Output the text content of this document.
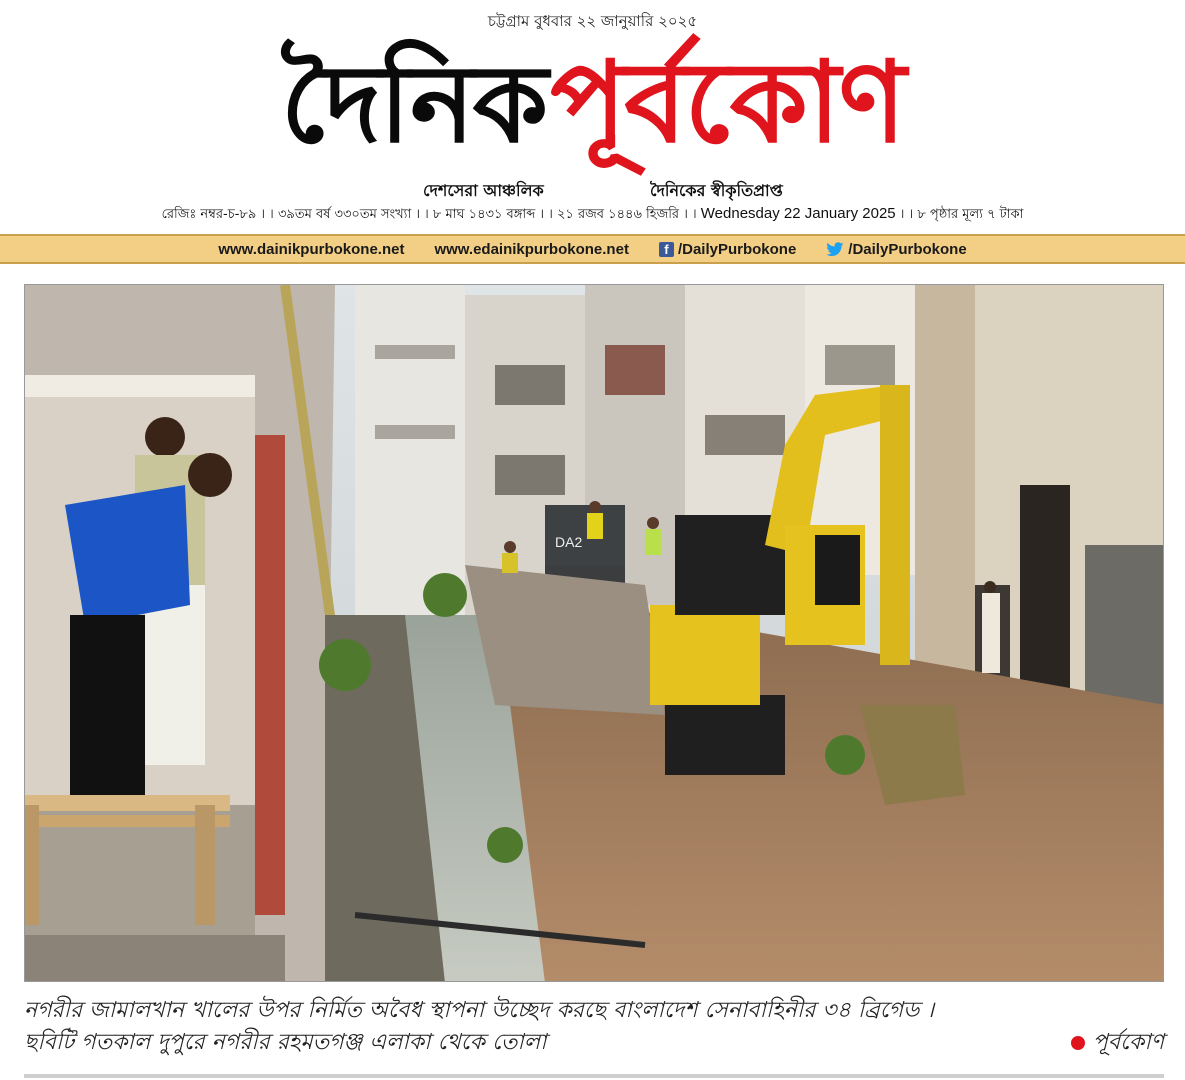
চট্টগ্রাম বুধবার ২২ জানুয়ারি ২০২৫
দৈনিকপূর্বকোণ
দেশসেরা আঞ্চলিক	দৈনিকের স্বীকৃতিপ্রাপ্ত
রেজিঃ নম্বর-চ-৮৯ । । ৩৯তম বর্ষ ৩৩০তম সংখ্যা । । ৮ মাঘ ১৪৩১ বঙ্গাব্দ । । ২১ রজব ১৪৪৬ হিজরি । । Wednesday 22 January 2025 । । ৮ পৃষ্ঠার মূল্য ৭ টাকা
www.dainikpurbokone.net www.edainikpurbokone.net	f /DailyPurbokone	/DailyPurbokone
DA2
নগরীর জামালখান খালের উপর নির্মিত অবৈধ স্থাপনা উচ্ছেদ করছে বাংলাদেশ সেনাবাহিনীর ৩৪ ব্রিগেড ।
ছবিটি গতকাল দুপুরে নগরীর রহমতগঞ্জ এলাকা থেকে তোলা	পূর্বকোণ
